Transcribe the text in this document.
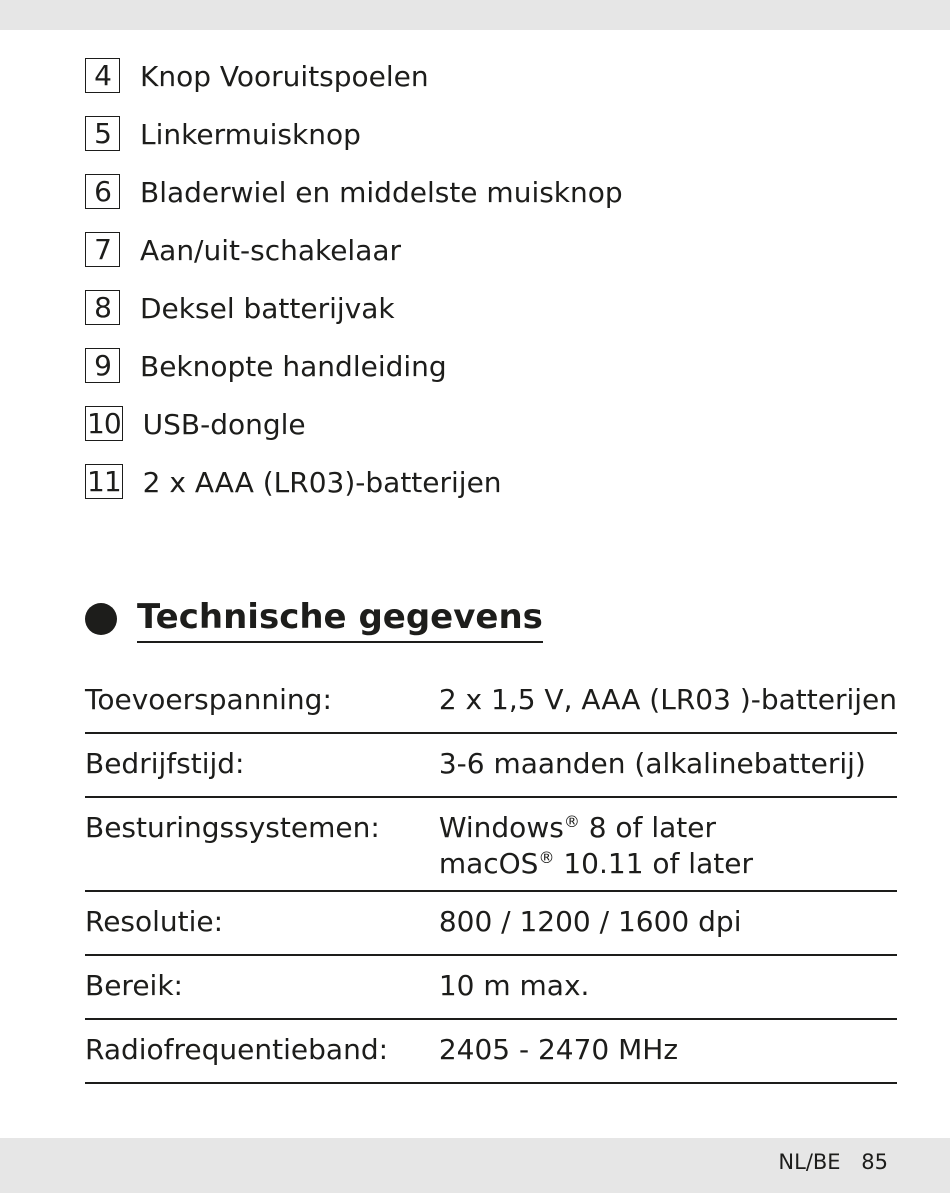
4	Knop Vooruitspoelen
5	Linkermuisknop
6	Bladerwiel en middelste muisknop
7	Aan/uit-schakelaar
8	Deksel batterijvak
9	Beknopte handleiding
10 USB-dongle
11 2 x AAA (LR03)-batterijen
Technische gegevens
Toevoerspanning:	2 x 1,5 V, AAA (LR03 )-batterijen
Bedrijfstijd:	3-6 maanden (alkalinebatterij)
Besturingssystemen:	Windows® 8 of later
macOS® 10.11 of later

Resolutie:	800 / 1200 / 1600 dpi
Bereik:	10 m max.
Radiofrequentieband:	2405 - 2470 MHz
NL/BE 85
